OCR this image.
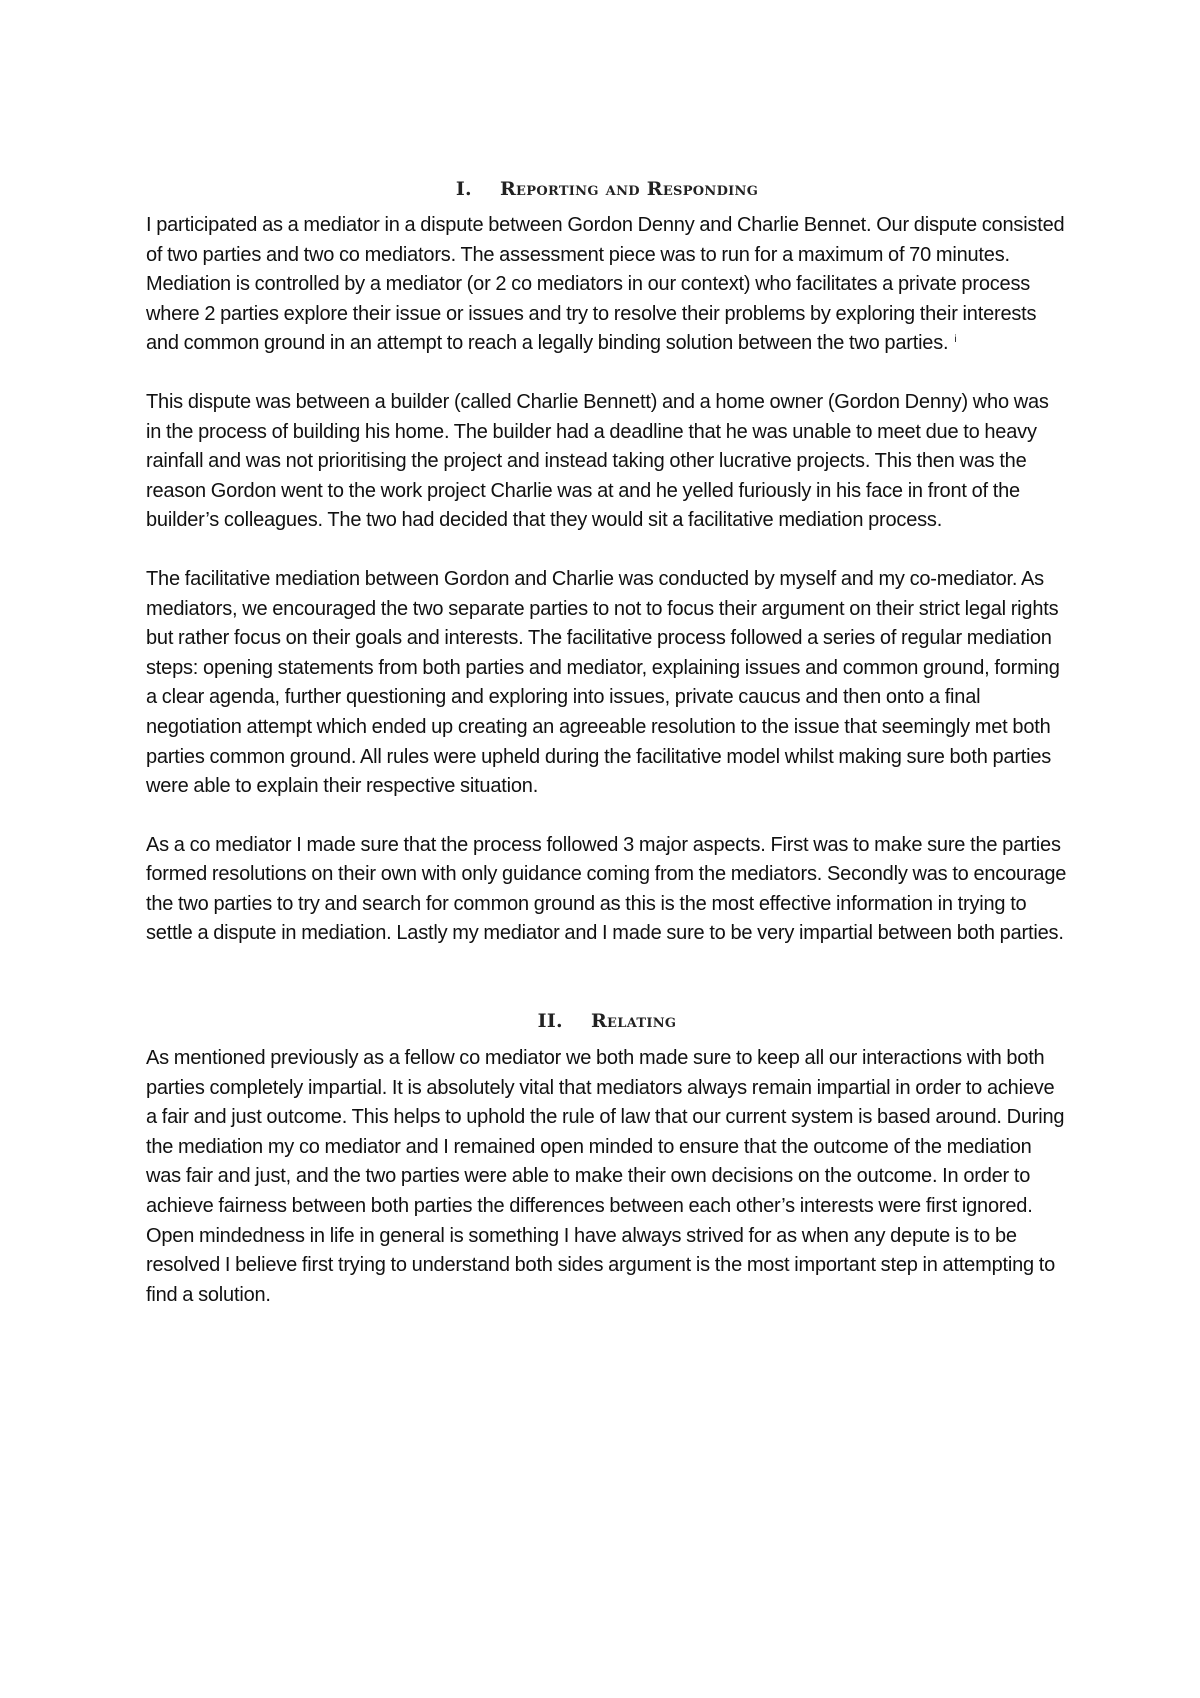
I. Reporting and Responding

I participated as a mediator in a dispute between Gordon Denny and Charlie Bennet. Our dispute consisted of two parties and two co mediators. The assessment piece was to run for a maximum of 70 minutes. Mediation is controlled by a mediator (or 2 co mediators in our context) who facilitates a private process where 2 parties explore their issue or issues and try to resolve their problems by exploring their interests and common ground in an attempt to reach a legally binding solution between the two parties. $^i$

This dispute was between a builder (called Charlie Bennett) and a home owner (Gordon Denny) who was in the process of building his home. The builder had a deadline that he was unable to meet due to heavy rainfall and was not prioritising the project and instead taking other lucrative projects. This then was the reason Gordon went to the work project Charlie was at and he yelled furiously in his face in front of the builder’s colleagues. The two had decided that they would sit a facilitative mediation process.

The facilitative mediation between Gordon and Charlie was conducted by myself and my co-mediator. As mediators, we encouraged the two separate parties to not to focus their argument on their strict legal rights but rather focus on their goals and interests. The facilitative process followed a series of regular mediation steps: opening statements from both parties and mediator, explaining issues and common ground, forming a clear agenda, further questioning and exploring into issues, private caucus and then onto a final negotiation attempt which ended up creating an agreeable resolution to the issue that seemingly met both parties common ground. All rules were upheld during the facilitative model whilst making sure both parties were able to explain their respective situation.

As a co mediator I made sure that the process followed 3 major aspects. First was to make sure the parties formed resolutions on their own with only guidance coming from the mediators. Secondly was to encourage the two parties to try and search for common ground as this is the most effective information in trying to settle a dispute in mediation. Lastly my mediator and I made sure to be very impartial between both parties.

II. Relating

As mentioned previously as a fellow co mediator we both made sure to keep all our interactions with both parties completely impartial. It is absolutely vital that mediators always remain impartial in order to achieve a fair and just outcome. This helps to uphold the rule of law that our current system is based around. During the mediation my co mediator and I remained open minded to ensure that the outcome of the mediation was fair and just, and the two parties were able to make their own decisions on the outcome. In order to achieve fairness between both parties the differences between each other’s interests were first ignored. Open mindedness in life in general is something I have always strived for as when any depute is to be resolved I believe first trying to understand both sides argument is the most important step in attempting to find a solution.
